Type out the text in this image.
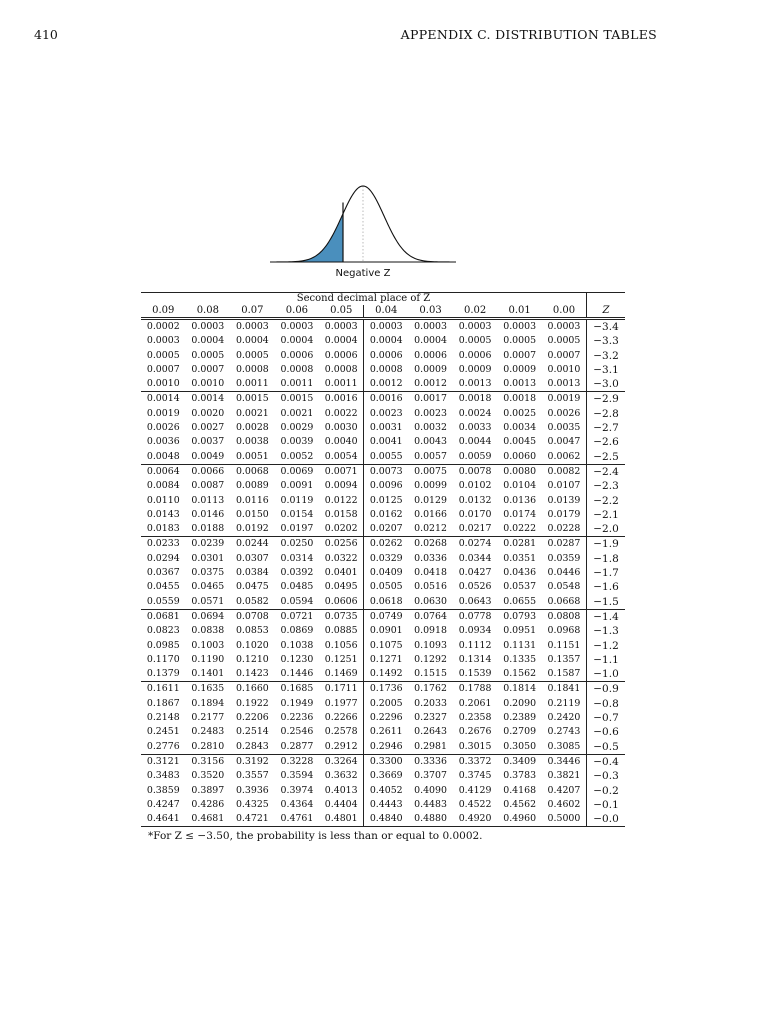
410	APPENDIX C. DISTRIBUTION TABLES
Negative Z
Second decimal place of Z										
0.09	0.08	0.07	0.06	0.05	0.04	0.03	0.02	0.01	0.00	Z
0.0002	0.0003	0.0003	0.0003	0.0003	0.0003	0.0003	0.0003	0.0003	0.0003	−3.4
0.0003	0.0004	0.0004	0.0004	0.0004	0.0004	0.0004	0.0005	0.0005	0.0005	−3.3
0.0005	0.0005	0.0005	0.0006	0.0006	0.0006	0.0006	0.0006	0.0007	0.0007	−3.2
0.0007	0.0007	0.0008	0.0008	0.0008	0.0008	0.0009	0.0009	0.0009	0.0010	−3.1
0.0010	0.0010	0.0011	0.0011	0.0011	0.0012	0.0012	0.0013	0.0013	0.0013	−3.0
0.0014	0.0014	0.0015	0.0015	0.0016	0.0016	0.0017	0.0018	0.0018	0.0019	−2.9
0.0019	0.0020	0.0021	0.0021	0.0022	0.0023	0.0023	0.0024	0.0025	0.0026	−2.8
0.0026	0.0027	0.0028	0.0029	0.0030	0.0031	0.0032	0.0033	0.0034	0.0035	−2.7
0.0036	0.0037	0.0038	0.0039	0.0040	0.0041	0.0043	0.0044	0.0045	0.0047	−2.6
0.0048	0.0049	0.0051	0.0052	0.0054	0.0055	0.0057	0.0059	0.0060	0.0062	−2.5
0.0064	0.0066	0.0068	0.0069	0.0071	0.0073	0.0075	0.0078	0.0080	0.0082	−2.4
0.0084	0.0087	0.0089	0.0091	0.0094	0.0096	0.0099	0.0102	0.0104	0.0107	−2.3
0.0110	0.0113	0.0116	0.0119	0.0122	0.0125	0.0129	0.0132	0.0136	0.0139	−2.2
0.0143	0.0146	0.0150	0.0154	0.0158	0.0162	0.0166	0.0170	0.0174	0.0179	−2.1
0.0183	0.0188	0.0192	0.0197	0.0202	0.0207	0.0212	0.0217	0.0222	0.0228	−2.0
0.0233	0.0239	0.0244	0.0250	0.0256	0.0262	0.0268	0.0274	0.0281	0.0287	−1.9
0.0294	0.0301	0.0307	0.0314	0.0322	0.0329	0.0336	0.0344	0.0351	0.0359	−1.8
0.0367	0.0375	0.0384	0.0392	0.0401	0.0409	0.0418	0.0427	0.0436	0.0446	−1.7
0.0455	0.0465	0.0475	0.0485	0.0495	0.0505	0.0516	0.0526	0.0537	0.0548	−1.6
0.0559	0.0571	0.0582	0.0594	0.0606	0.0618	0.0630	0.0643	0.0655	0.0668	−1.5
0.0681	0.0694	0.0708	0.0721	0.0735	0.0749	0.0764	0.0778	0.0793	0.0808	−1.4
0.0823	0.0838	0.0853	0.0869	0.0885	0.0901	0.0918	0.0934	0.0951	0.0968	−1.3
0.0985	0.1003	0.1020	0.1038	0.1056	0.1075	0.1093	0.1112	0.1131	0.1151	−1.2
0.1170	0.1190	0.1210	0.1230	0.1251	0.1271	0.1292	0.1314	0.1335	0.1357	−1.1
0.1379	0.1401	0.1423	0.1446	0.1469	0.1492	0.1515	0.1539	0.1562	0.1587	−1.0
0.1611	0.1635	0.1660	0.1685	0.1711	0.1736	0.1762	0.1788	0.1814	0.1841	−0.9
0.1867	0.1894	0.1922	0.1949	0.1977	0.2005	0.2033	0.2061	0.2090	0.2119	−0.8
0.2148	0.2177	0.2206	0.2236	0.2266	0.2296	0.2327	0.2358	0.2389	0.2420	−0.7
0.2451	0.2483	0.2514	0.2546	0.2578	0.2611	0.2643	0.2676	0.2709	0.2743	−0.6
0.2776	0.2810	0.2843	0.2877	0.2912	0.2946	0.2981	0.3015	0.3050	0.3085	−0.5
0.3121	0.3156	0.3192	0.3228	0.3264	0.3300	0.3336	0.3372	0.3409	0.3446	−0.4
0.3483	0.3520	0.3557	0.3594	0.3632	0.3669	0.3707	0.3745	0.3783	0.3821	−0.3
0.3859	0.3897	0.3936	0.3974	0.4013	0.4052	0.4090	0.4129	0.4168	0.4207	−0.2
0.4247	0.4286	0.4325	0.4364	0.4404	0.4443	0.4483	0.4522	0.4562	0.4602	−0.1
0.4641	0.4681	0.4721	0.4761	0.4801	0.4840	0.4880	0.4920	0.4960	0.5000	−0.0
*For Z ≤ −3.50, the probability is less than or equal to 0.0002.
